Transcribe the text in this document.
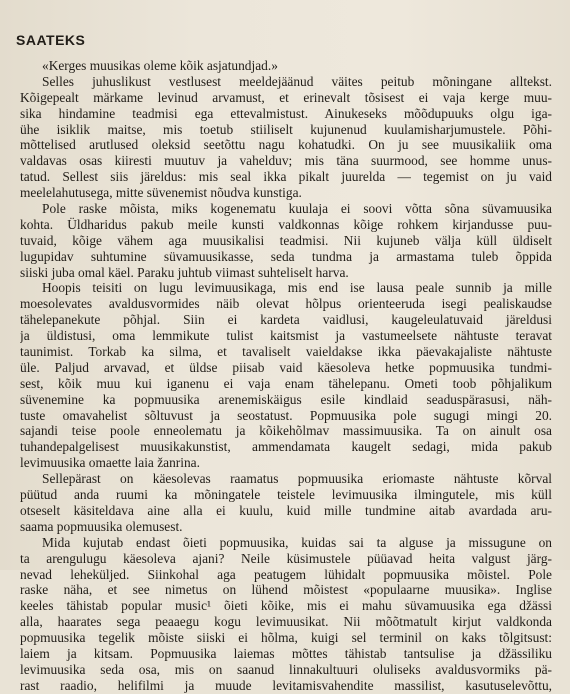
SAATEKS
«Kerges muusikas oleme kõik asjatundjad.»
Selles juhuslikust vestlusest meeldejäänud väites peitub mõningane alltekst.
Kõigepealt märkame levinud arvamust, et erinevalt tõsisest ei vaja kerge muu-
sika hindamine teadmisi ega ettevalmistust. Ainukeseks mõõdupuuks olgu iga-
ühe isiklik maitse, mis toetub stiiliselt kujunenud kuulamisharjumustele. Põhi-
mõttelised arutlused oleksid seetõttu nagu kohatudki. On ju see muusikaliik oma
valdavas osas kiiresti muutuv ja vahelduv; mis täna suurmood, see homme unus-
tatud. Sellest siis järeldus: mis seal ikka pikalt juurelda — tegemist on ju vaid
meelelahutusega, mitte süvenemist nõudva kunstiga.
Pole raske mõista, miks kogenematu kuulaja ei soovi võtta sõna süvamuusika
kohta. Üldharidus pakub meile kunsti valdkonnas kõige rohkem kirjandusse puu-
tuvaid, kõige vähem aga muusikalisi teadmisi. Nii kujuneb välja küll üldiselt
lugupidav suhtumine süvamuusikasse, seda tundma ja armastama tuleb õppida
siiski juba omal käel. Paraku juhtub viimast suhteliselt harva.
Hoopis teisiti on lugu levimuusikaga, mis end ise lausa peale sunnib ja mille
moesolevates avaldusvormides näib olevat hõlpus orienteeruda isegi pealiskaudse
tähelepanekute põhjal. Siin ei kardeta vaidlusi, kaugeleulatuvaid järeldusi
ja üldistusi, oma lemmikute tulist kaitsmist ja vastumeelsete nähtuste teravat
taunimist. Torkab ka silma, et tavaliselt vaieldakse ikka päevakajaliste nähtuste
üle. Paljud arvavad, et üldse piisab vaid käesoleva hetke popmuusika tundmi-
sest, kõik muu kui iganenu ei vaja enam tähelepanu. Ometi toob põhjalikum
süvenemine ka popmuusika arenemiskäigus esile kindlaid seaduspärasusi, näh-
tuste omavahelist sõltuvust ja seostatust. Popmuusika pole sugugi mingi 20.
sajandi teise poole enneolematu ja kõikehõlmav massimuusika. Ta on ainult osa
tuhandepalgelisest muusikakunstist, ammendamata kaugelt sedagi, mida pakub
levimuusika omaette laia žanrina.
Sellepärast on käesolevas raamatus popmuusika eriomaste nähtuste kõrval
püütud anda ruumi ka mõningatele teistele levimuusika ilmingutele, mis küll
otseselt käsiteldava aine alla ei kuulu, kuid mille tundmine aitab avardada aru-
saama popmuusika olemusest.
Mida kujutab endast õieti popmuusika, kuidas sai ta alguse ja missugune on
ta arengulugu käesoleva ajani? Neile küsimustele püüavad heita valgust järg-
nevad leheküljed. Siinkohal aga peatugem lühidalt popmuusika mõistel. Pole
raske näha, et see nimetus on lühend mõistest «populaarne muusika». Inglise
keeles tähistab popular music¹ õieti kõike, mis ei mahu süvamuusika ega džässi
alla, haarates sega peaaegu kogu levimuusikat. Nii mõõtmatult kirjut valdkonda
popmuusika tegelik mõiste siiski ei hõlma, kuigi sel terminil on kaks tõlgitsust:
laiem ja kitsam. Popmuusika laiemas mõttes tähistab tantsulise ja džässiliku
levimuusika seda osa, mis on saanud linnakultuuri oluliseks avaldusvormiks pä-
rast raadio, helifilmi ja muude levitamisvahendite massilist, kasutuselevõttu,
